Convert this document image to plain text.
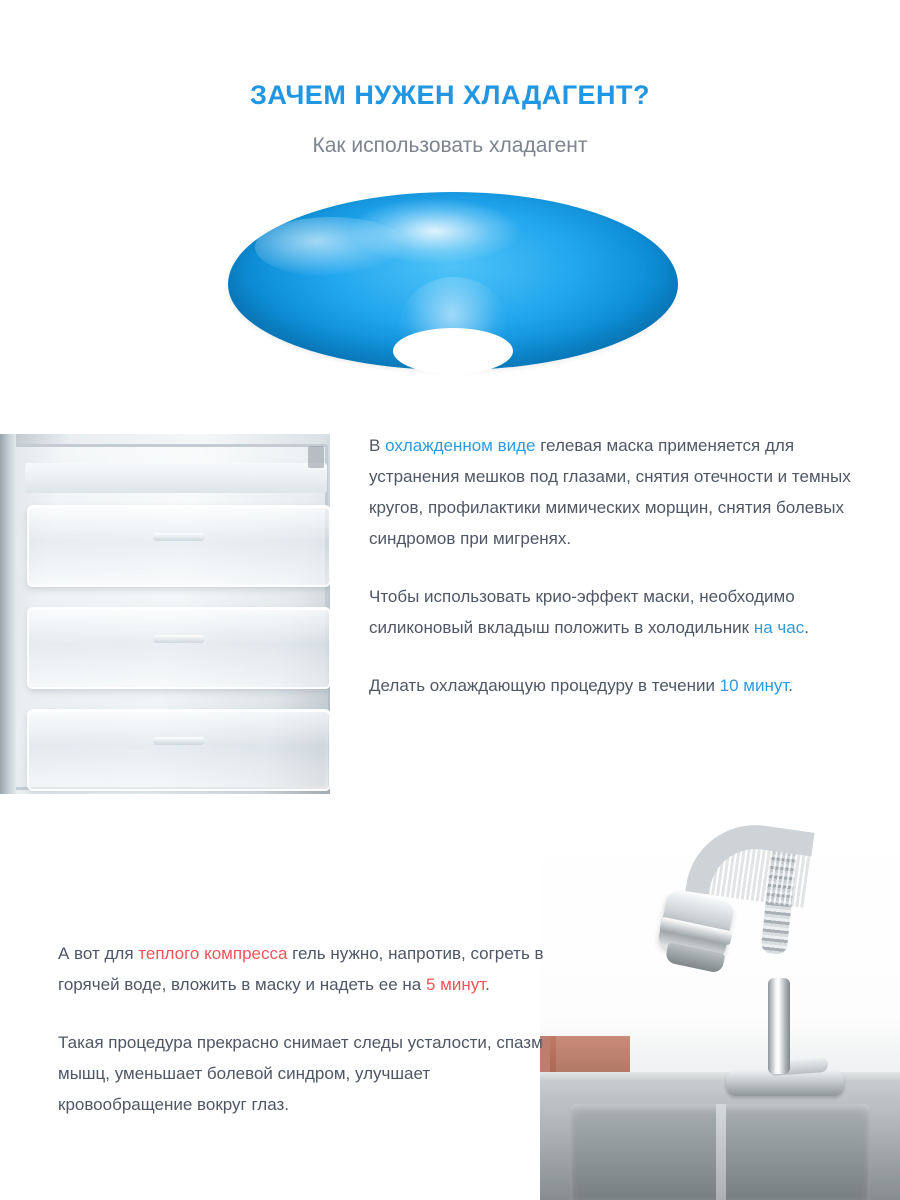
ЗАЧЕМ НУЖЕН ХЛАДАГЕНТ?
Как использовать хладагент

В охлажденном виде гелевая маска применяется для устранения мешков под глазами, снятия отечности и темных кругов, профилактики мимических морщин, снятия болевых синдромов при мигренях.

Чтобы использовать крио-эффект маски, необходимо силиконовый вкладыш положить в холодильник на час.

Делать охлаждающую процедуру в течении 10 минут.

А вот для теплого компресса гель нужно, напротив, согреть в горячей воде, вложить в маску и надеть ее на 5 минут.

Такая процедура прекрасно снимает следы усталости, спазм мышц, уменьшает болевой синдром, улучшает кровообращение вокруг глаз.
